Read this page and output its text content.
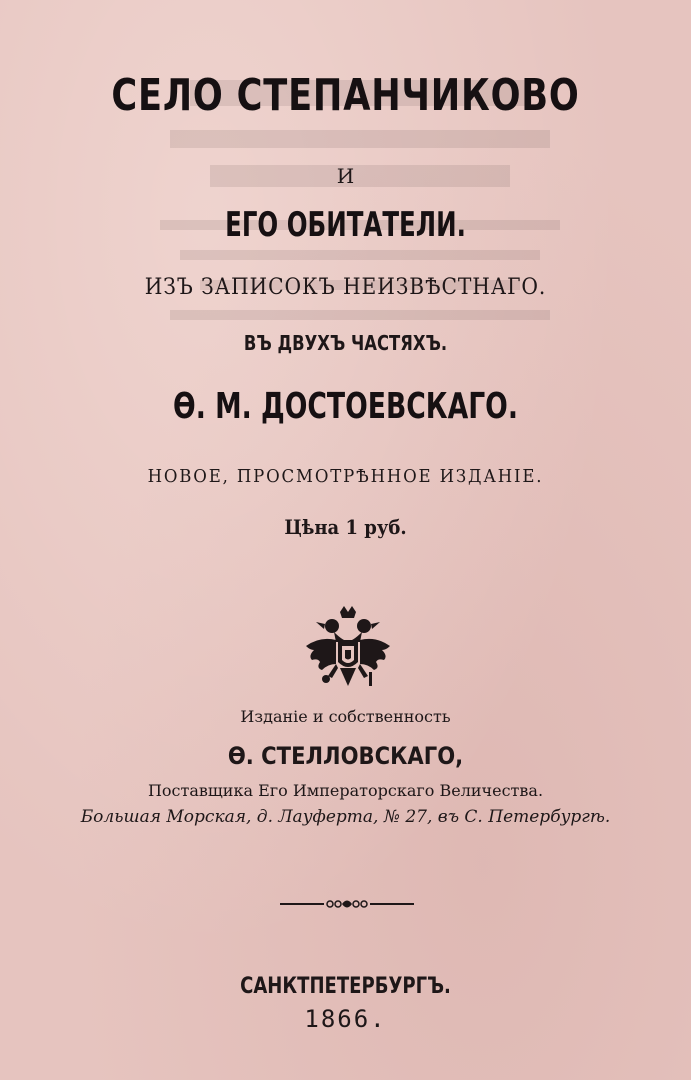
СЕЛО СТЕПАНЧИКОВО
И
ЕГО ОБИТАТЕЛИ.
ИЗЪ ЗАПИСОКЪ НЕИЗВѢСТНАГО.
ВЪ ДВУХЪ ЧАСТЯХЪ.
Ѳ. М. ДОСТОЕВСКАГО.
НОВОЕ, ПРОСМОТРѢННОЕ ИЗДАНІЕ.
Цѣна 1 руб.
Изданіе и собственность
Ѳ. СТЕЛЛОВСКАГО,
Поставщика Его Императорскаго Величества.
Большая Морская, д. Лауферта, № 27, въ С. Петербургѣ.
САНКТПЕТЕРБУРГЪ.
1866.
